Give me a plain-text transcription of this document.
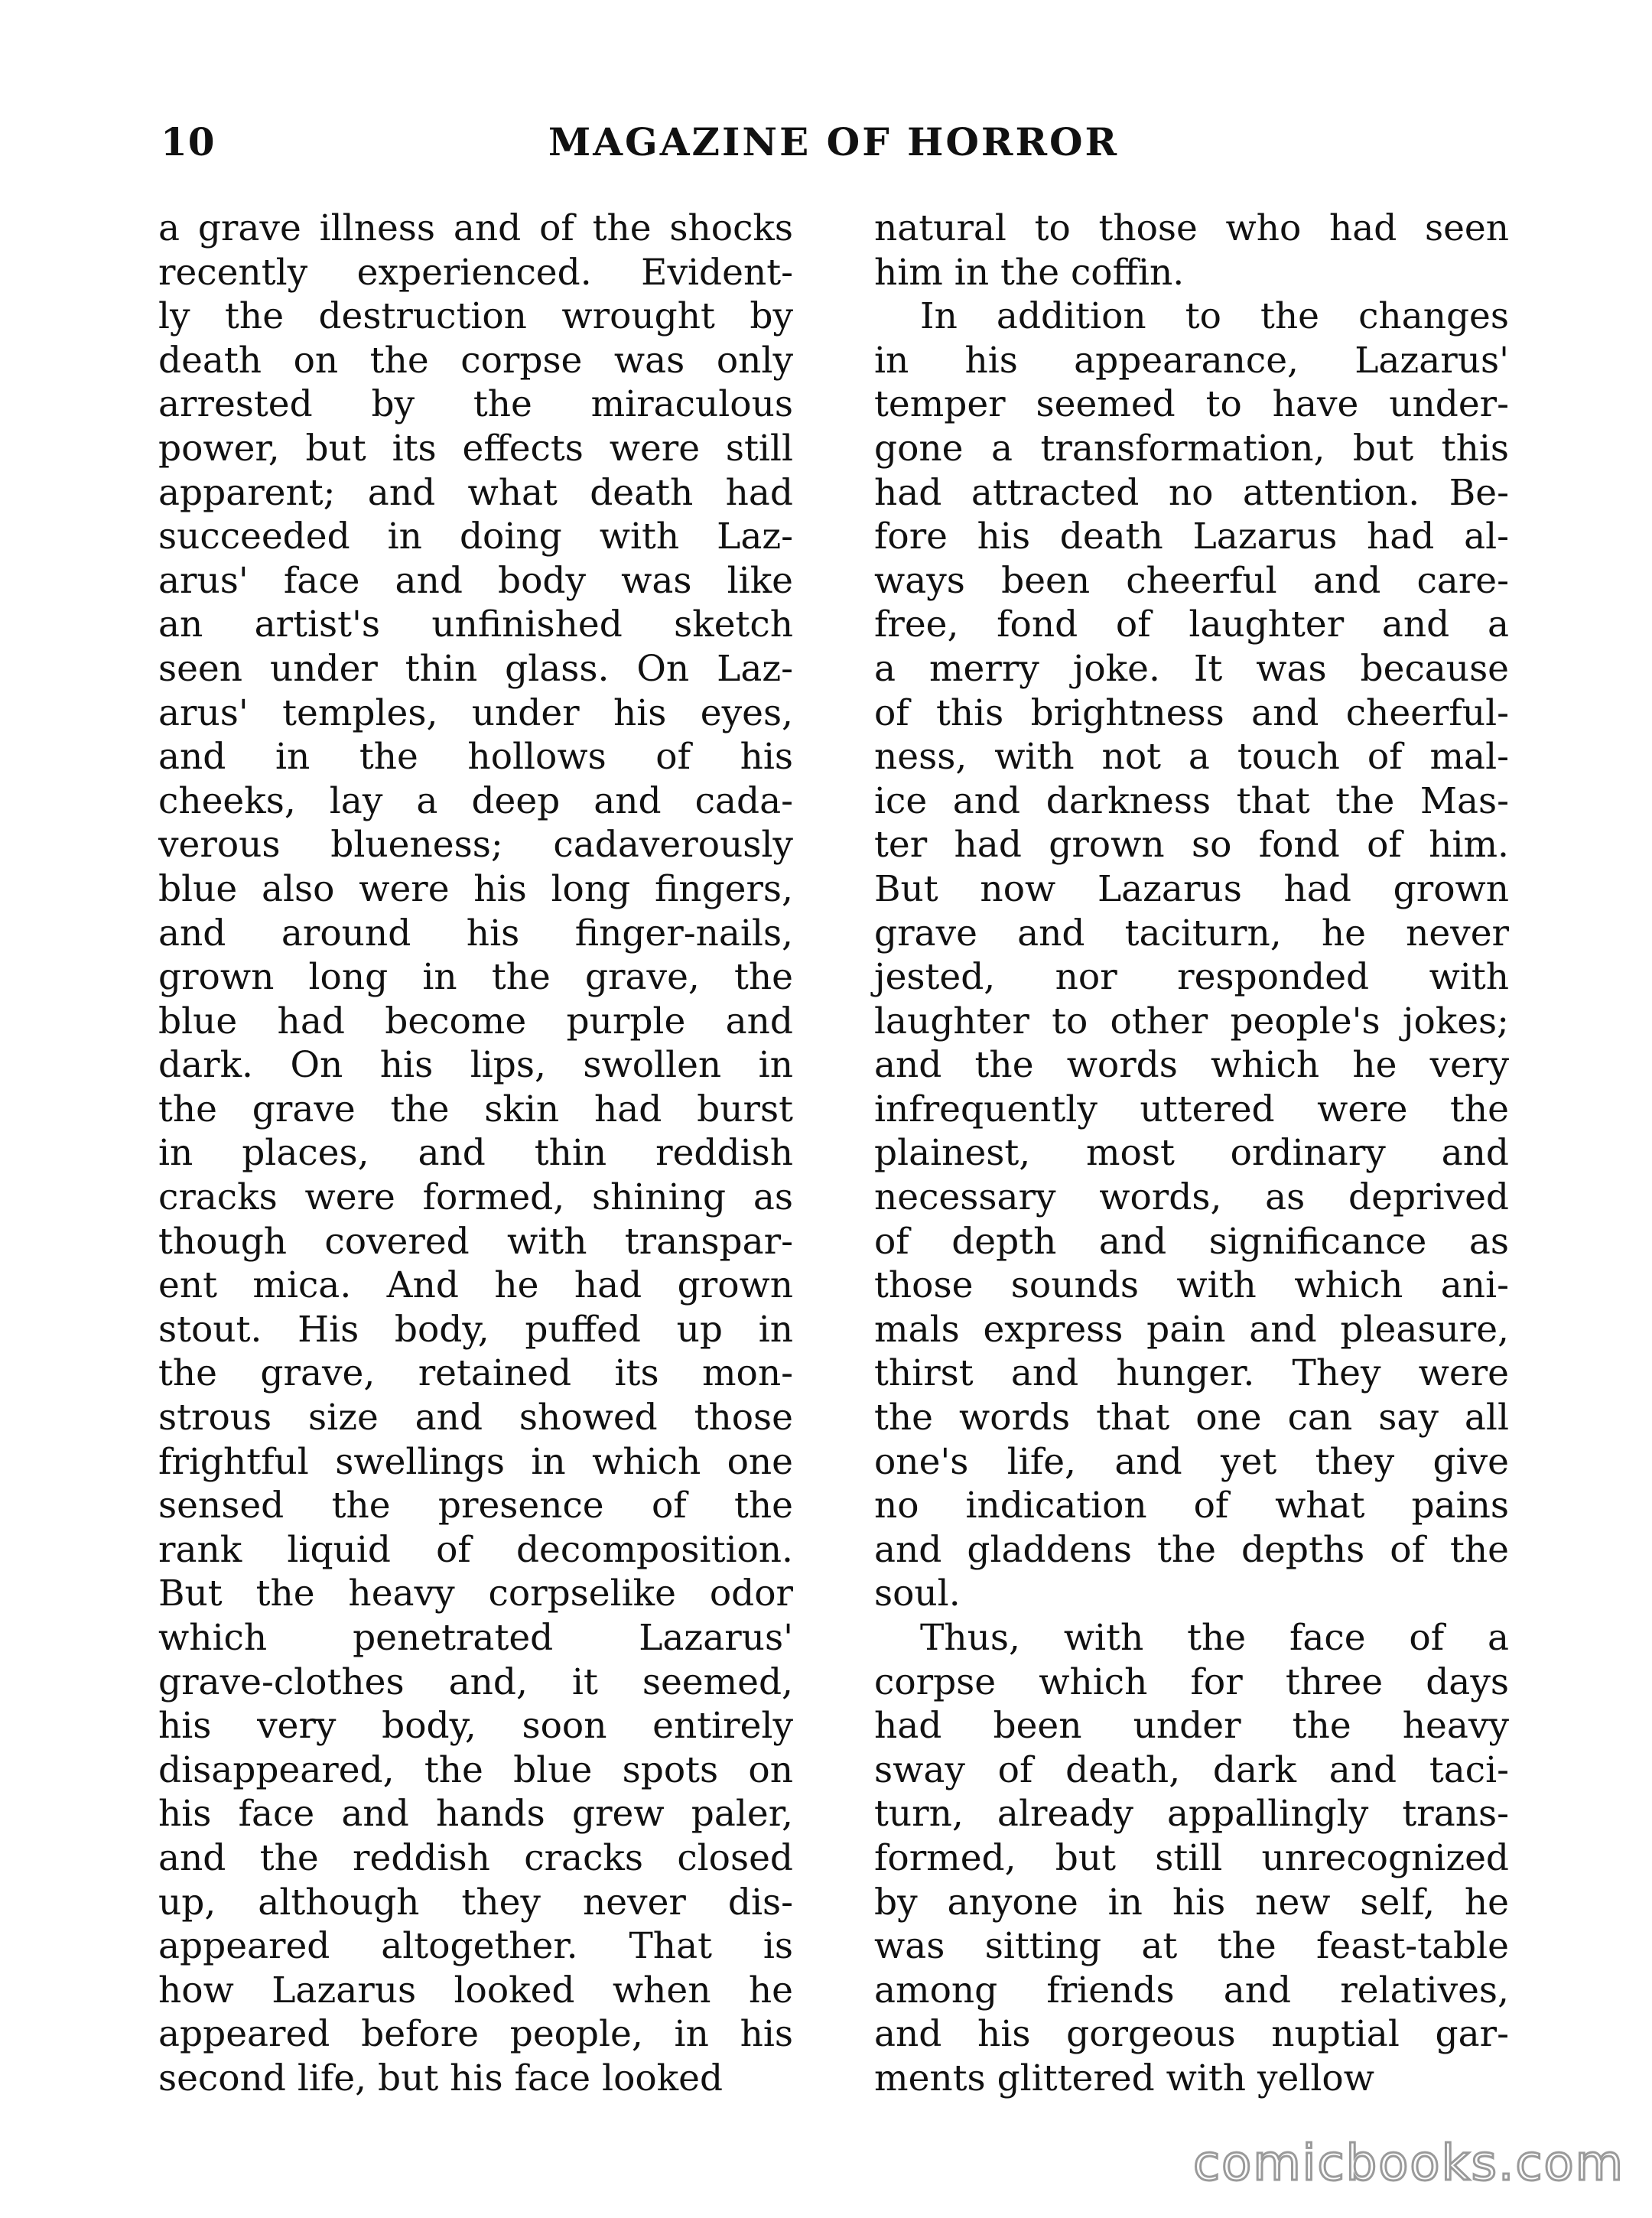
10	MAGAZINE OF HORROR
a grave illness and of the shocks
recently experienced. Evident-
ly the destruction wrought by
death on the corpse was only
arrested by the miraculous
power, but its effects were still
apparent; and what death had
succeeded in doing with Laz-
arus' face and body was like
an artist's unfinished sketch
seen under thin glass. On Laz-
arus' temples, under his eyes,
and in the hollows of his
cheeks, lay a deep and cada-
verous blueness; cadaverously
blue also were his long fingers,
and around his finger-nails,
grown long in the grave, the
blue had become purple and
dark. On his lips, swollen in
the grave the skin had burst
in places, and thin reddish
cracks were formed, shining as
though covered with transpar-
ent mica. And he had grown
stout. His body, puffed up in
the grave, retained its mon-
strous size and showed those
frightful swellings in which one
sensed the presence of the
rank liquid of decomposition.
But the heavy corpselike odor
which penetrated Lazarus'
grave-clothes and, it seemed,
his very body, soon entirely
disappeared, the blue spots on
his face and hands grew paler,
and the reddish cracks closed
up, although they never dis-
appeared altogether. That is
how Lazarus looked when he
appeared before people, in his
second life, but his face looked
natural to those who had seen
him in the coffin.
In addition to the changes
in his appearance, Lazarus'
temper seemed to have under-
gone a transformation, but this
had attracted no attention. Be-
fore his death Lazarus had al-
ways been cheerful and care-
free, fond of laughter and a
a merry joke. It was because
of this brightness and cheerful-
ness, with not a touch of mal-
ice and darkness that the Mas-
ter had grown so fond of him.
But now Lazarus had grown
grave and taciturn, he never
jested, nor responded with
laughter to other people's jokes;
and the words which he very
infrequently uttered were the
plainest, most ordinary and
necessary words, as deprived
of depth and significance as
those sounds with which ani-
mals express pain and pleasure,
thirst and hunger. They were
the words that one can say all
one's life, and yet they give
no indication of what pains
and gladdens the depths of the
soul.
Thus, with the face of a
corpse which for three days
had been under the heavy
sway of death, dark and taci-
turn, already appallingly trans-
formed, but still unrecognized
by anyone in his new self, he
was sitting at the feast-table
among friends and relatives,
and his gorgeous nuptial gar-
ments glittered with yellow
comicbooks.com
